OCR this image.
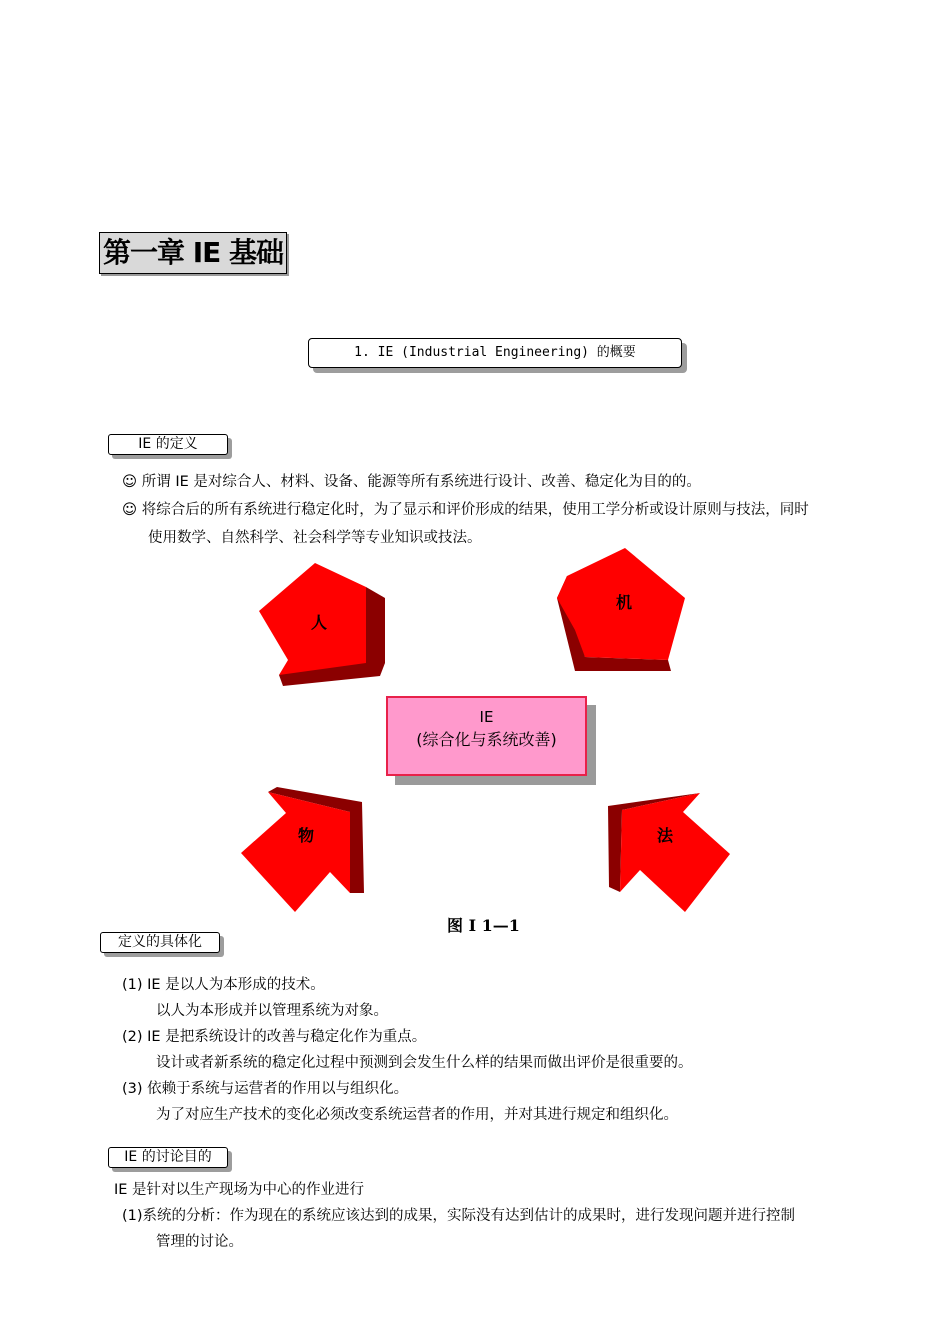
第一章 IE 基础
1. IE (Industrial Engineering) 的概要
IE 的定义
☺ 所谓 IE 是对综合人、材料、设备、能源等所有系统进行设计、改善、稳定化为目的的。
☺ 将综合后的所有系统进行稳定化时，为了显示和评价形成的结果，使用工学分析或设计原则与技法，同时
使用数学、自然科学、社会科学等专业知识或技法。
人
机
物	法
IE
(综合化与系统改善)
图 I 1—1
定义的具体化
(1) IE 是以人为本形成的技术。
以人为本形成并以管理系统为对象。
(2) IE 是把系统设计的改善与稳定化作为重点。
设计或者新系统的稳定化过程中预测到会发生什么样的结果而做出评价是很重要的。
(3) 依赖于系统与运营者的作用以与组织化。
为了对应生产技术的变化必须改变系统运营者的作用，并对其进行规定和组织化。
IE 的讨论目的
IE 是针对以生产现场为中心的作业进行
(1)系统的分析：作为现在的系统应该达到的成果，实际没有达到估计的成果时，进行发现问题并进行控制
管理的讨论。
